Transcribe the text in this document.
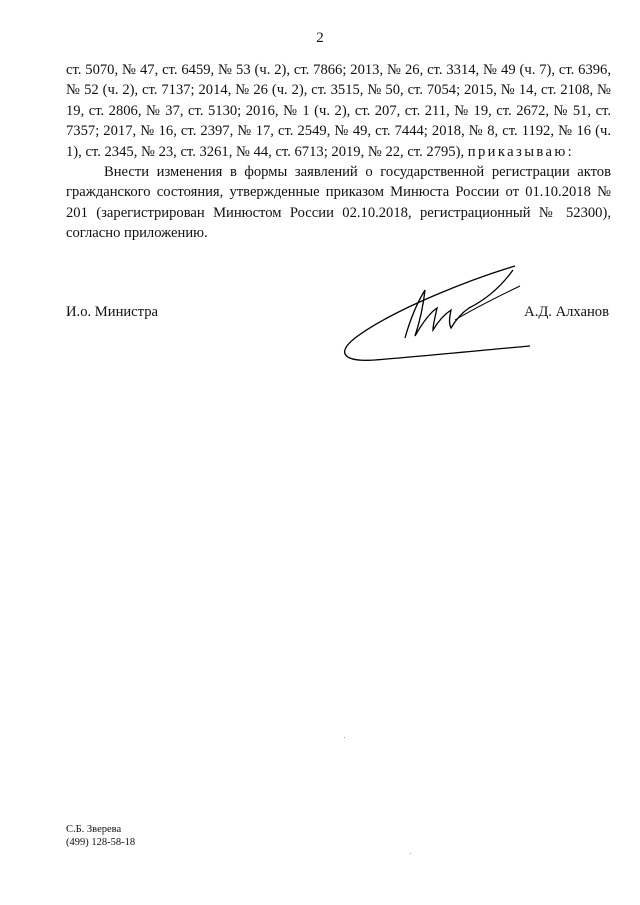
2

ст. 5070, № 47, ст. 6459, № 53 (ч. 2), ст. 7866; 2013, № 26, ст. 3314, № 49 (ч. 7), ст. 6396, № 52 (ч. 2), ст. 7137; 2014, № 26 (ч. 2), ст. 3515, № 50, ст. 7054; 2015, № 14, ст. 2108, № 19, ст. 2806, № 37, ст. 5130; 2016, № 1 (ч. 2), ст. 207, ст. 211, № 19, ст. 2672, № 51, ст. 7357; 2017, № 16, ст. 2397, № 17, ст. 2549, № 49, ст. 7444; 2018, № 8, ст. 1192, № 16 (ч. 1), ст. 2345, № 23, ст. 3261, № 44, ст. 6713; 2019, № 22, ст. 2795), приказываю:

Внести изменения в формы заявлений о государственной регистрации актов гражданского состояния, утвержденные приказом Минюста России от 01.10.2018 № 201 (зарегистрирован Минюстом России 02.10.2018, регистрационный № 52300), согласно приложению.

И.о. Министра	А.Д. Алханов
С.Б. Зверева
(499) 128-58-18
